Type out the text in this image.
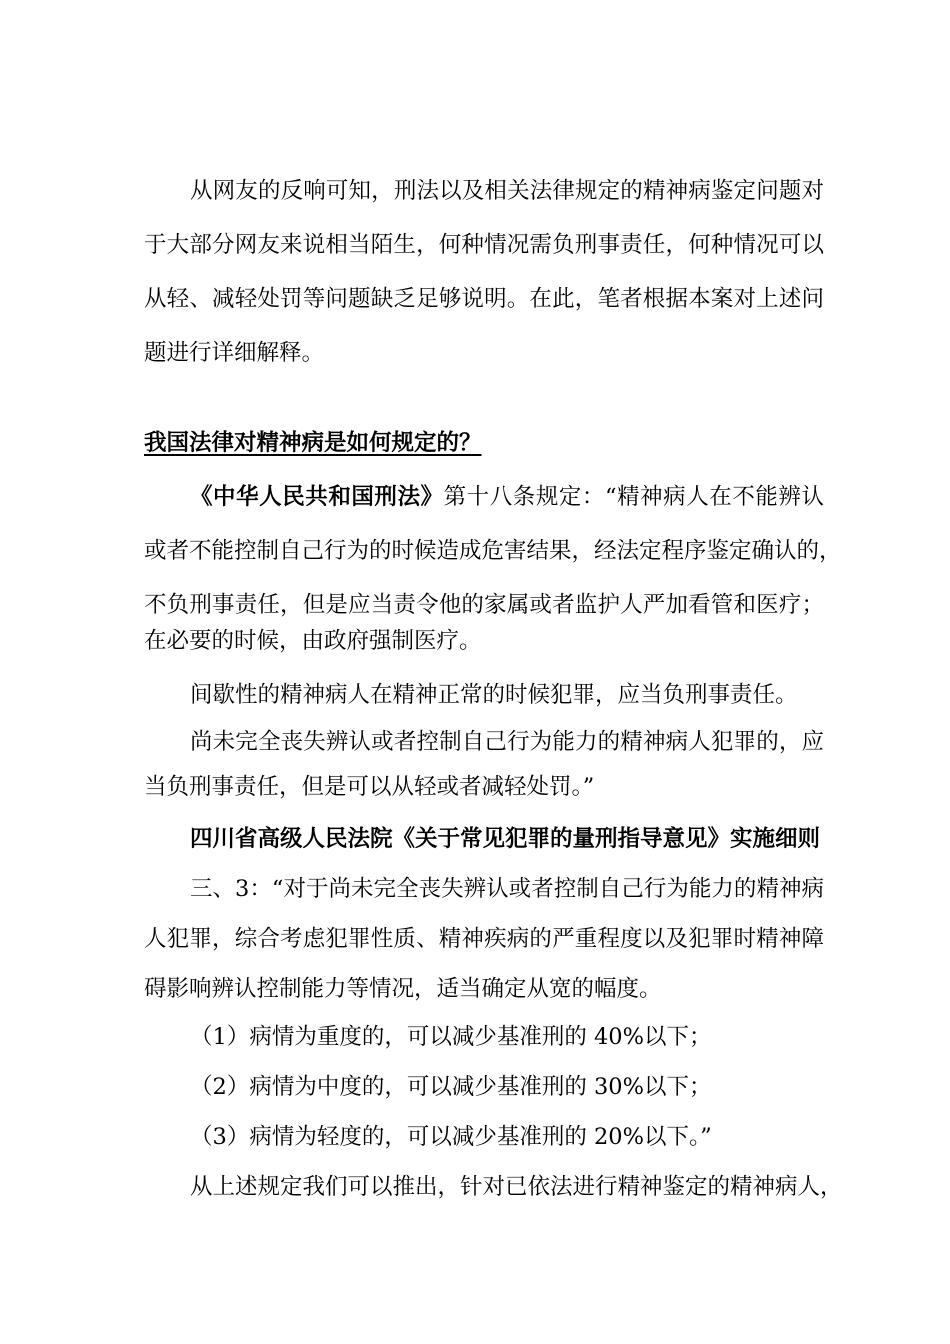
从网友的反响可知，刑法以及相关法律规定的精神病鉴定问题对
于大部分网友来说相当陌生，何种情况需负刑事责任，何种情况可以
从轻、减轻处罚等问题缺乏足够说明。在此，笔者根据本案对上述问
题进行详细解释。
我国法律对精神病是如何规定的？
《中华人民共和国刑法》第十八条规定：“精神病人在不能辨认
或者不能控制自己行为的时候造成危害结果，经法定程序鉴定确认的，
不负刑事责任，但是应当责令他的家属或者监护人严加看管和医疗；
在必要的时候，由政府强制医疗。
间歇性的精神病人在精神正常的时候犯罪，应当负刑事责任。
尚未完全丧失辨认或者控制自己行为能力的精神病人犯罪的，应
当负刑事责任，但是可以从轻或者减轻处罚。”
四川省高级人民法院《关于常见犯罪的量刑指导意见》实施细则
三、3：“对于尚未完全丧失辨认或者控制自己行为能力的精神病
人犯罪，综合考虑犯罪性质、精神疾病的严重程度以及犯罪时精神障
碍影响辨认控制能力等情况，适当确定从宽的幅度。
（1）病情为重度的，可以减少基准刑的 40%以下；
（2）病情为中度的，可以减少基准刑的 30%以下；
（3）病情为轻度的，可以减少基准刑的 20%以下。”
从上述规定我们可以推出，针对已依法进行精神鉴定的精神病人，
